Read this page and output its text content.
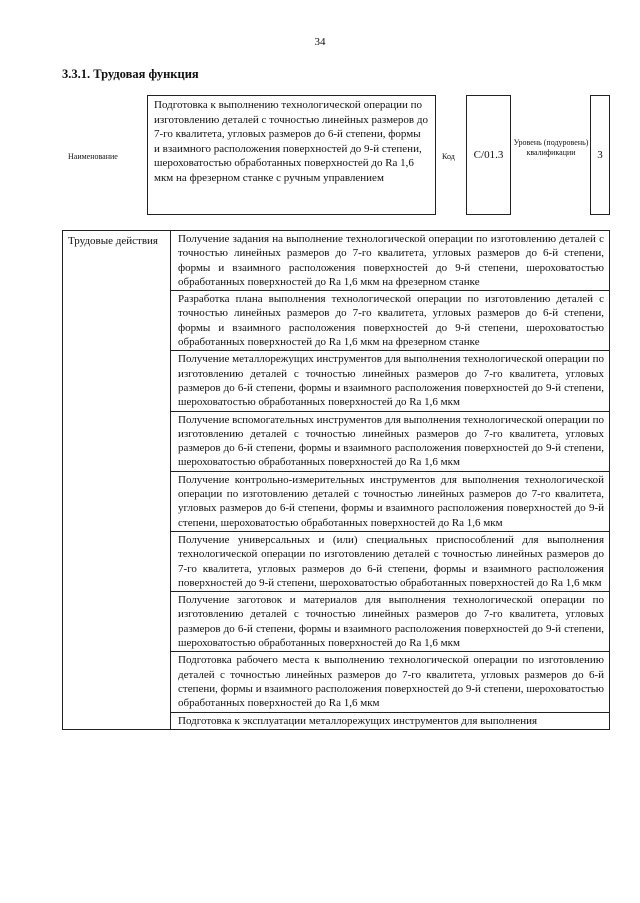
34
3.3.1. Трудовая функция
Наименование
Подготовка к выполнению технологической операции по изготовлению деталей с точностью линейных размеров до 7-го квалитета, угловых размеров до 6-й степени, формы и взаимного расположения поверхностей до 9-й степени, шероховатостью обработанных поверхностей до Ra 1,6 мкм на фрезерном станке с ручным управлением
Код C/01.3
Уровень (подуровень) квалификации	3
Трудовые действия	Получение задания на выполнение технологической операции по изготовлению деталей с точностью линейных размеров до 7-го квалитета, угловых размеров до 6-й степени, формы и взаимного расположения поверхностей до 9-й степени, шероховатостью обработанных поверхностей до Ra 1,6 мкм на фрезерном станке
Разработка плана выполнения технологической операции по изготовлению деталей с точностью линейных размеров до 7-го квалитета, угловых размеров до 6-й степени, формы и взаимного расположения поверхностей до 9-й степени, шероховатостью обработанных поверхностей до Ra 1,6 мкм на фрезерном станке
Получение металлорежущих инструментов для выполнения технологической операции по изготовлению деталей с точностью линейных размеров до 7-го квалитета, угловых размеров до 6-й степени, формы и взаимного расположения поверхностей до 9-й степени, шероховатостью обработанных поверхностей до Ra 1,6 мкм
Получение вспомогательных инструментов для выполнения технологической операции по изготовлению деталей с точностью линейных размеров до 7-го квалитета, угловых размеров до 6-й степени, формы и взаимного расположения поверхностей до 9-й степени, шероховатостью обработанных поверхностей до Ra 1,6 мкм
Получение контрольно-измерительных инструментов для выполнения технологической операции по изготовлению деталей с точностью линейных размеров до 7-го квалитета, угловых размеров до 6-й степени, формы и взаимного расположения поверхностей до 9-й степени, шероховатостью обработанных поверхностей до Ra 1,6 мкм
Получение универсальных и (или) специальных приспособлений для выполнения технологической операции по изготовлению деталей с точностью линейных размеров до 7-го квалитета, угловых размеров до 6-й степени, формы и взаимного расположения поверхностей до 9-й степени, шероховатостью обработанных поверхностей до Ra 1,6 мкм
Получение заготовок и материалов для выполнения технологической операции по изготовлению деталей с точностью линейных размеров до 7-го квалитета, угловых размеров до 6-й степени, формы и взаимного расположения поверхностей до 9-й степени, шероховатостью обработанных поверхностей до Ra 1,6 мкм
Подготовка рабочего места к выполнению технологической операции по изготовлению деталей с точностью линейных размеров до 7-го квалитета, угловых размеров до 6-й степени, формы и взаимного расположения поверхностей до 9-й степени, шероховатостью обработанных поверхностей до Ra 1,6 мкм
Подготовка к эксплуатации металлорежущих инструментов для выполнения
